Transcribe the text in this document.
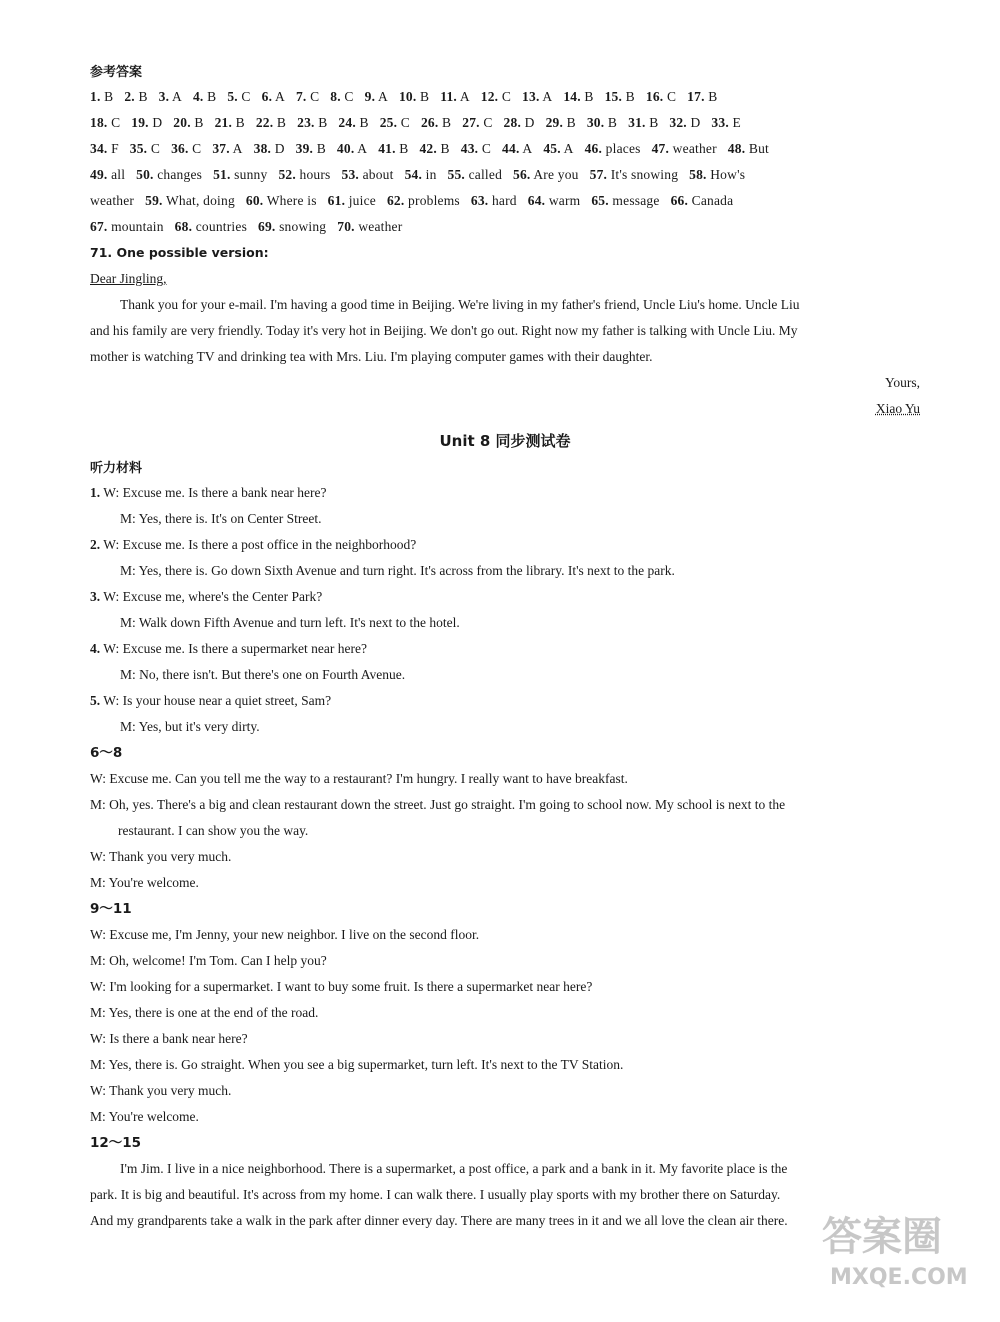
参考答案
1. B 2. B 3. A 4. B 5. C 6. A 7. C 8. C 9. A 10. B 11. A 12. C 13. A 14. B 15. B 16. C 17. B
18. C 19. D 20. B 21. B 22. B 23. B 24. B 25. C 26. B 27. C 28. D 29. B 30. B 31. B 32. D 33. E
34. F 35. C 36. C 37. A 38. D 39. B 40. A 41. B 42. B 43. C 44. A 45. A 46. places 47. weather 48. But
49. all 50. changes 51. sunny 52. hours 53. about 54. in 55. called 56. Are you 57. It's snowing 58. How's
weather 59. What, doing 60. Where is 61. juice 62. problems 63. hard 64. warm 65. message 66. Canada
67. mountain 68. countries 69. snowing 70. weather
71. One possible version:
Dear Jingling,
Thank you for your e-mail. I'm having a good time in Beijing. We're living in my father's friend, Uncle Liu's home. Uncle Liu
and his family are very friendly. Today it's very hot in Beijing. We don't go out. Right now my father is talking with Uncle Liu. My
mother is watching TV and drinking tea with Mrs. Liu. I'm playing computer games with their daughter.
Yours,
Xiao Yu
Unit 8 同步测试卷
听力材料
1. W: Excuse me. Is there a bank near here?
M: Yes, there is. It's on Center Street.
2. W: Excuse me. Is there a post office in the neighborhood?
M: Yes, there is. Go down Sixth Avenue and turn right. It's across from the library. It's next to the park.
3. W: Excuse me, where's the Center Park?
M: Walk down Fifth Avenue and turn left. It's next to the hotel.
4. W: Excuse me. Is there a supermarket near here?
M: No, there isn't. But there's one on Fourth Avenue.
5. W: Is your house near a quiet street, Sam?
M: Yes, but it's very dirty.
6～8
W: Excuse me. Can you tell me the way to a restaurant? I'm hungry. I really want to have breakfast.
M: Oh, yes. There's a big and clean restaurant down the street. Just go straight. I'm going to school now. My school is next to the
restaurant. I can show you the way.
W: Thank you very much.
M: You're welcome.
9～11
W: Excuse me, I'm Jenny, your new neighbor. I live on the second floor.
M: Oh, welcome! I'm Tom. Can I help you?
W: I'm looking for a supermarket. I want to buy some fruit. Is there a supermarket near here?
M: Yes, there is one at the end of the road.
W: Is there a bank near here?
M: Yes, there is. Go straight. When you see a big supermarket, turn left. It's next to the TV Station.
W: Thank you very much.
M: You're welcome.
12～15
I'm Jim. I live in a nice neighborhood. There is a supermarket, a post office, a park and a bank in it. My favorite place is the
park. It is big and beautiful. It's across from my home. I can walk there. I usually play sports with my brother there on Saturday.
And my grandparents take a walk in the park after dinner every day. There are many trees in it and we all love the clean air there. 答案圈
MXQE.COM
